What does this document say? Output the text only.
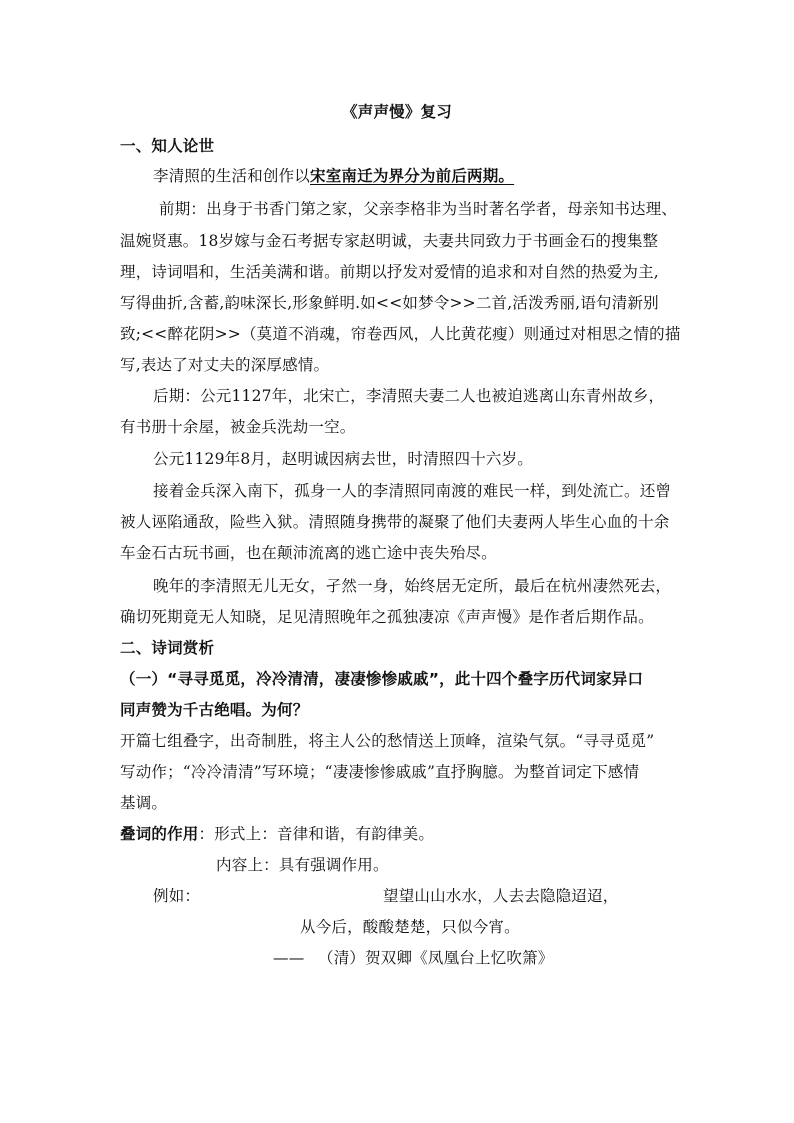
《声声慢》复习
一、知人论世
李清照的生活和创作以宋室南迁为界分为前后两期。
前期：出身于书香门第之家，父亲李格非为当时著名学者，母亲知书达理、
温婉贤惠。18岁嫁与金石考据专家赵明诚，夫妻共同致力于书画金石的搜集整
理，诗词唱和，生活美满和谐。前期以抒发对爱情的追求和对自然的热爱为主,
写得曲折,含蓄,韵味深长,形象鲜明.如<<如梦令>>二首,活泼秀丽,语句清新别
致;<<醉花阴>>（莫道不消魂，帘卷西风，人比黄花瘦）则通过对相思之情的描
写,表达了对丈夫的深厚感情。
后期：公元1127年，北宋亡，李清照夫妻二人也被迫逃离山东青州故乡，
有书册十余屋，被金兵洗劫一空。
公元1129年8月，赵明诚因病去世，时清照四十六岁。
接着金兵深入南下，孤身一人的李清照同南渡的难民一样，到处流亡。还曾
被人诬陷通敌，险些入狱。清照随身携带的凝聚了他们夫妻两人毕生心血的十余
车金石古玩书画，也在颠沛流离的逃亡途中丧失殆尽。
晚年的李清照无儿无女，孑然一身，始终居无定所，最后在杭州凄然死去，
确切死期竟无人知晓，足见清照晚年之孤独凄凉《声声慢》是作者后期作品。
二、诗词赏析
（一）“寻寻觅觅，冷冷清清，凄凄惨惨戚戚”，此十四个叠字历代词家异口
同声赞为千古绝唱。为何？
开篇七组叠字，出奇制胜，将主人公的愁情送上顶峰，渲染气氛。“寻寻觅觅”
写动作；“冷冷清清”写环境；“凄凄惨惨戚戚”直抒胸臆。为整首词定下感情
基调。
叠词的作用：形式上：音律和谐，有韵律美。
内容上：具有强调作用。
例如：	望望山山水水，人去去隐隐迢迢，
从今后，酸酸楚楚，只似今宵。
—— （清）贺双卿《凤凰台上忆吹箫》
